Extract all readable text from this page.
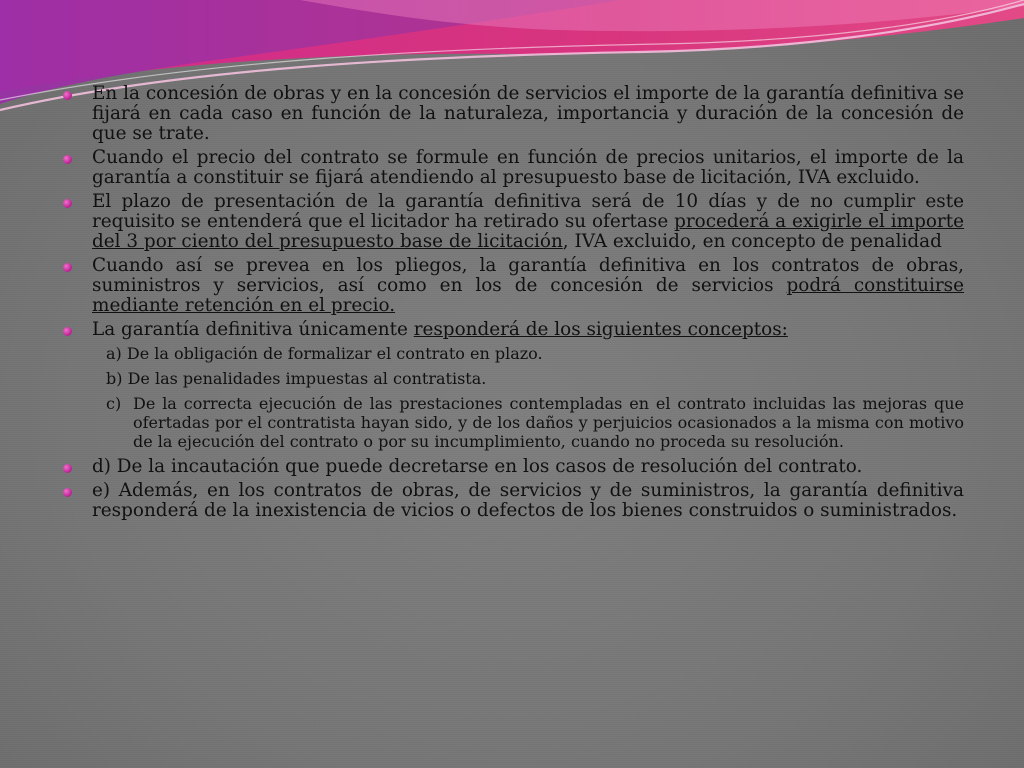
En la concesión de obras y en la concesión de servicios el importe de la garantía definitiva se fijará en cada caso en función de la naturaleza, importancia y duración de la concesión de que se trate.
Cuando el precio del contrato se formule en función de precios unitarios, el importe de la garantía a constituir se fijará atendiendo al presupuesto base de licitación, IVA excluido.
El plazo de presentación de la garantía definitiva será de 10 días y de no cumplir este requisito se entenderá que el licitador ha retirado su ofertase procederá a exigirle el importe del 3 por ciento del presupuesto base de licitación, IVA excluido, en concepto de penalidad
Cuando así se prevea en los pliegos, la garantía definitiva en los contratos de obras, suministros y servicios, así como en los de concesión de servicios podrá constituirse mediante retención en el precio.
La garantía definitiva únicamente responderá de los siguientes conceptos:
a) De la obligación de formalizar el contrato en plazo.
b) De las penalidades impuestas al contratista.
c) De la correcta ejecución de las prestaciones contempladas en el contrato incluidas las mejoras que ofertadas por el contratista hayan sido, y de los daños y perjuicios ocasionados a la misma con motivo de la ejecución del contrato o por su incumplimiento, cuando no proceda su resolución.
d) De la incautación que puede decretarse en los casos de resolución del contrato.
e) Además, en los contratos de obras, de servicios y de suministros, la garantía definitiva responderá de la inexistencia de vicios o defectos de los bienes construidos o suministrados.
